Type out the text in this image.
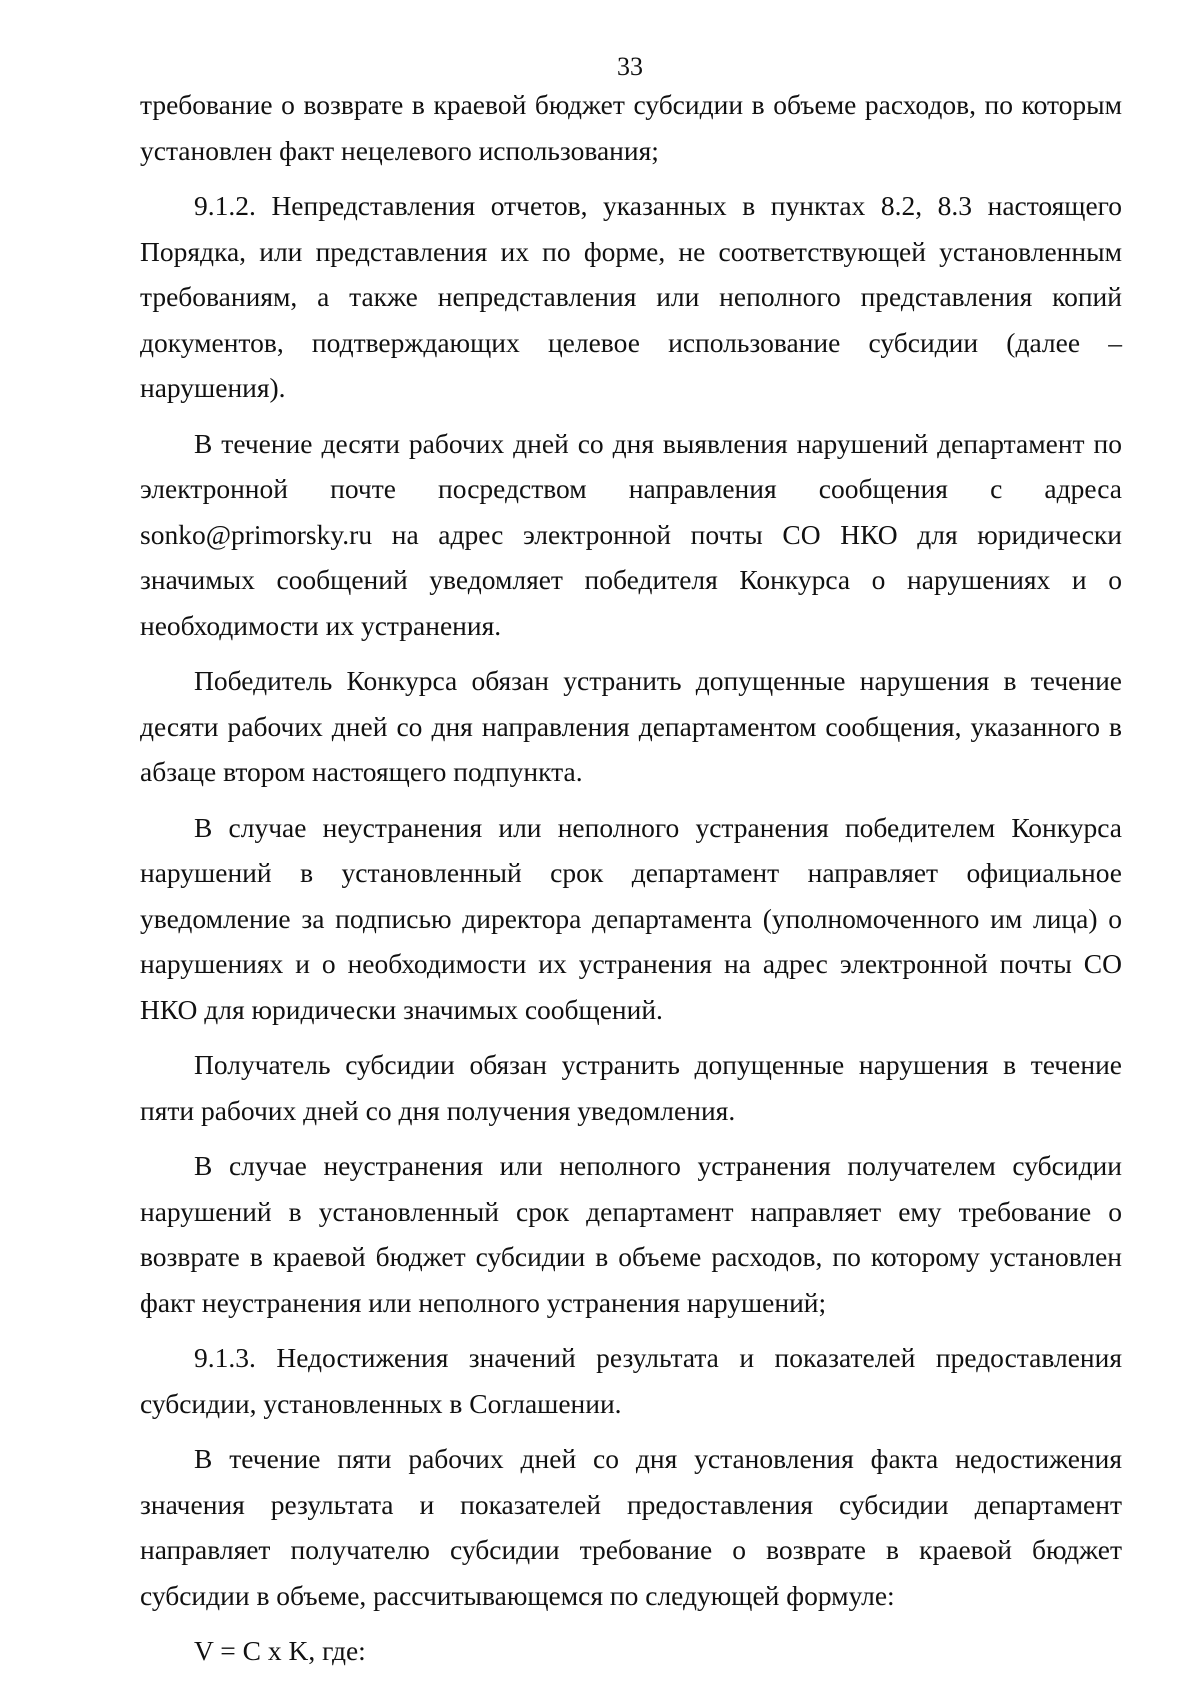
33

требование о возврате в краевой бюджет субсидии в объеме расходов, по которым установлен факт нецелевого использования;

9.1.2. Непредставления отчетов, указанных в пунктах 8.2, 8.3 настоящего Порядка, или представления их по форме, не соответствующей установленным требованиям, а также непредставления или неполного представления копий документов, подтверждающих целевое использование субсидии (далее – нарушения).

В течение десяти рабочих дней со дня выявления нарушений департамент по электронной почте посредством направления сообщения с адреса sonko@primorsky.ru на адрес электронной почты СО НКО для юридически значимых сообщений уведомляет победителя Конкурса о нарушениях и о необходимости их устранения.

Победитель Конкурса обязан устранить допущенные нарушения в течение десяти рабочих дней со дня направления департаментом сообщения, указанного в абзаце втором настоящего подпункта.

В случае неустранения или неполного устранения победителем Конкурса нарушений в установленный срок департамент направляет официальное уведомление за подписью директора департамента (уполномоченного им лица) о нарушениях и о необходимости их устранения на адрес электронной почты СО НКО для юридически значимых сообщений.

Получатель субсидии обязан устранить допущенные нарушения в течение пяти рабочих дней со дня получения уведомления.

В случае неустранения или неполного устранения получателем субсидии нарушений в установленный срок департамент направляет ему требование о возврате в краевой бюджет субсидии в объеме расходов, по которому установлен факт неустранения или неполного устранения нарушений;

9.1.3. Недостижения значений результата и показателей предоставления субсидии, установленных в Соглашении.

В течение пяти рабочих дней со дня установления факта недостижения значения результата и показателей предоставления субсидии департамент направляет получателю субсидии требование о возврате в краевой бюджет субсидии в объеме, рассчитывающемся по следующей формуле:

V = C x K, где:
